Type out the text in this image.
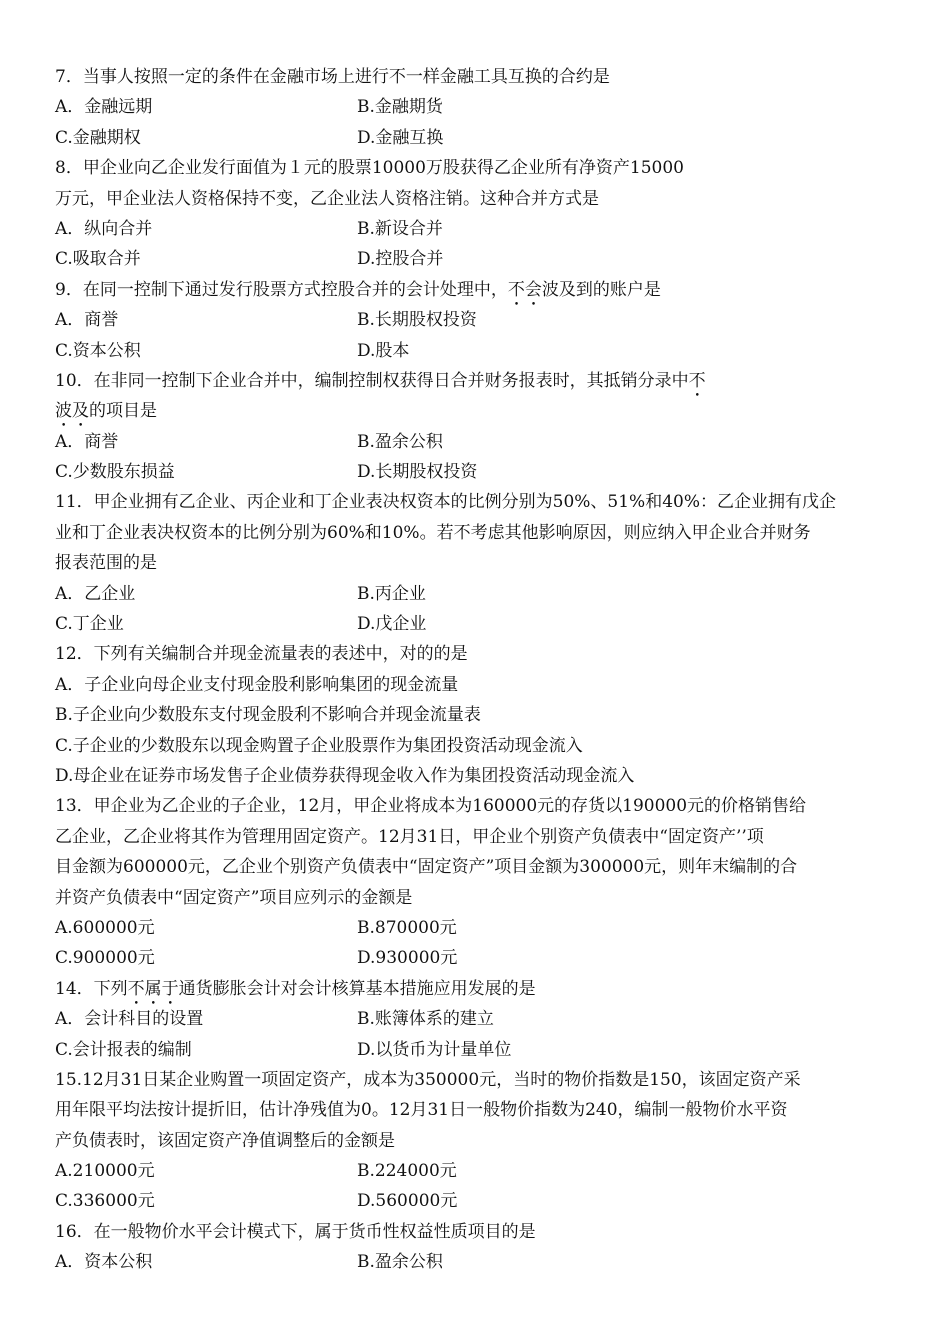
7．当事人按照一定的条件在金融市场上进行不一样金融工具互换的合约是
A．金融远期	B.金融期货
C.金融期权	D.金融互换
8．甲企业向乙企业发行面值为１元的股票10000万股获得乙企业所有净资产15000
万元，甲企业法人资格保持不变，乙企业法人资格注销。这种合并方式是
A．纵向合并	B.新设合并
C.吸取合并	D.控股合并
9．在同一控制下通过发行股票方式控股合并的会计处理中，不会波及到的账户是
A．商誉	B.长期股权投资
C.资本公积	D.股本
10．在非同一控制下企业合并中，编制控制权获得日合并财务报表时，其抵销分录中不
波及的项目是
A．商誉	B.盈余公积
C.少数股东损益	D.长期股权投资
11．甲企业拥有乙企业、丙企业和丁企业表决权资本的比例分别为50%、51%和40%：乙企业拥有戊企
业和丁企业表决权资本的比例分别为60%和10%。若不考虑其他影响原因，则应纳入甲企业合并财务
报表范围的是
A．乙企业	B.丙企业
C.丁企业	D.戊企业
12．下列有关编制合并现金流量表的表述中，对的的是
A．子企业向母企业支付现金股利影响集团的现金流量
B.子企业向少数股东支付现金股利不影响合并现金流量表
C.子企业的少数股东以现金购置子企业股票作为集团投资活动现金流入
D.母企业在证券市场发售子企业债券获得现金收入作为集团投资活动现金流入
13．甲企业为乙企业的子企业，12月，甲企业将成本为160000元的存货以190000元的价格销售给
乙企业，乙企业将其作为管理用固定资产。12月31日，甲企业个别资产负债表中“固定资产’’项
目金额为600000元，乙企业个别资产负债表中“固定资产”项目金额为300000元，则年末编制的合
并资产负债表中“固定资产”项目应列示的金额是
A.600000元	B.870000元
C.900000元	D.930000元
14．下列不属于通货膨胀会计对会计核算基本措施应用发展的是
A．会计科目的设置	B.账簿体系的建立
C.会计报表的编制	D.以货币为计量单位
15.12月31日某企业购置一项固定资产，成本为350000元，当时的物价指数是150，该固定资产采
用年限平均法按计提折旧，估计净残值为0。12月31日一般物价指数为240，编制一般物价水平资
产负债表时，该固定资产净值调整后的金额是
A.210000元	B.224000元
C.336000元	D.560000元
16．在一般物价水平会计模式下，属于货币性权益性质项目的是
A．资本公积	B.盈余公积
